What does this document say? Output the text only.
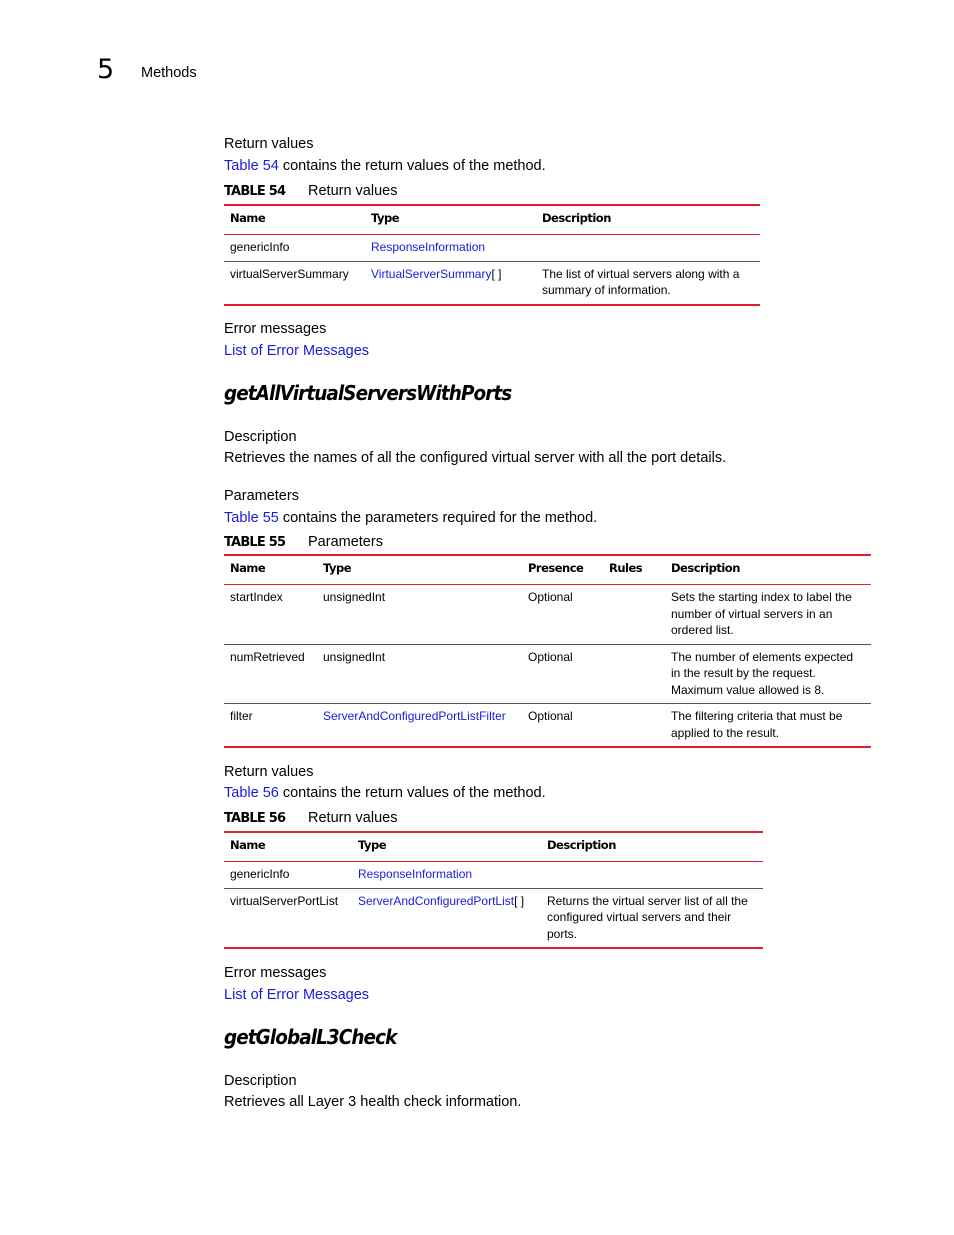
5 Methods
Return values
Table 54 contains the return values of the method.
TABLE 54 Return values
Name	Type	Description
genericInfo	ResponseInformation	
virtualServerSummary	VirtualServerSummary[ ]	The list of virtual servers along with a summary of information.
Error messages
List of Error Messages
getAllVirtualServersWithPorts
Description
Retrieves the names of all the configured virtual server with all the port details.
Parameters
Table 55 contains the parameters required for the method.
TABLE 55 Parameters
Name	Type	Presence	Rules	Description
startIndex	unsignedInt	Optional		Sets the starting index to label the number of virtual servers in an ordered list.
numRetrieved	unsignedInt	Optional		The number of elements expected in the result by the request. Maximum value allowed is 8.
filter	ServerAndConfiguredPortListFilter	Optional		The filtering criteria that must be applied to the result.
Return values
Table 56 contains the return values of the method.
TABLE 56 Return values
Name	Type	Description
genericInfo	ResponseInformation	
virtualServerPortList	ServerAndConfiguredPortList[ ]	Returns the virtual server list of all the configured virtual servers and their ports.
Error messages
List of Error Messages
getGlobalL3Check
Description
Retrieves all Layer 3 health check information.
